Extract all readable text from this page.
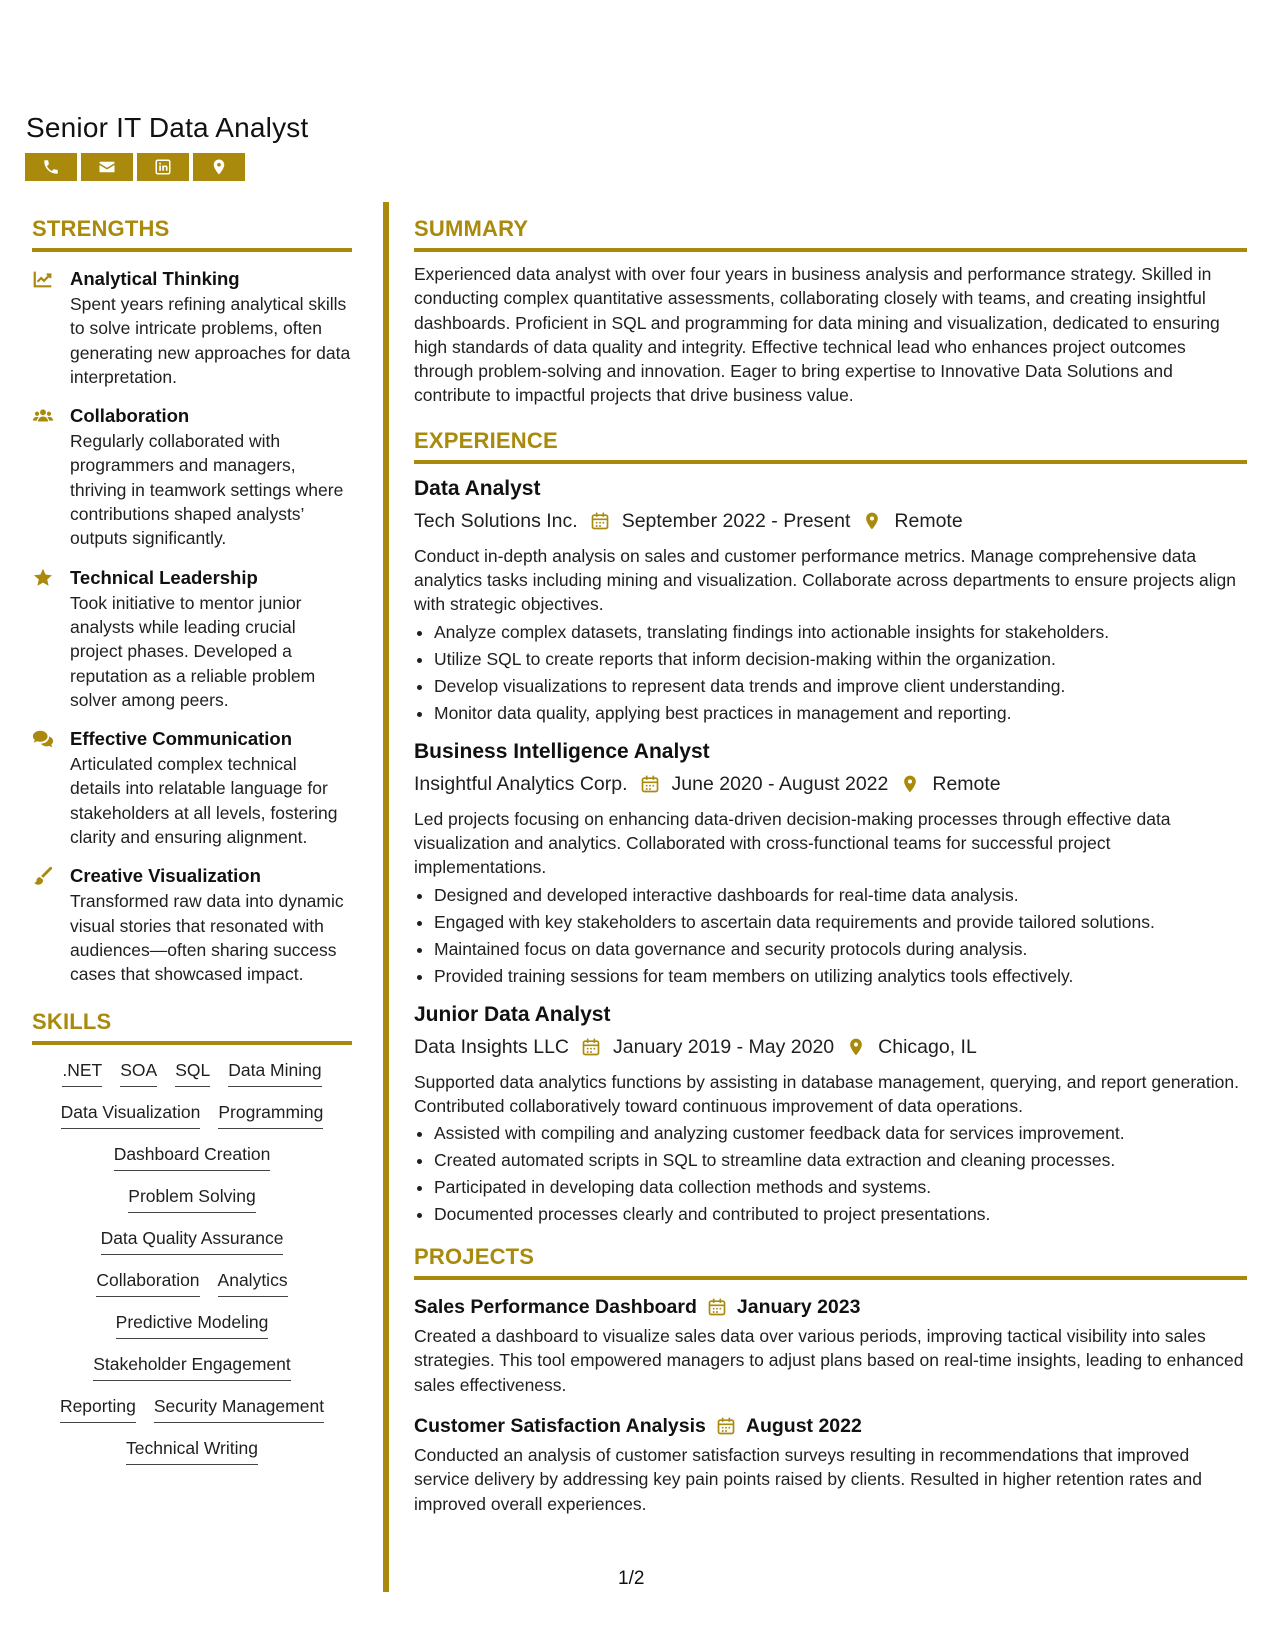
Senior IT Data Analyst
STRENGTHS
Analytical Thinking
Spent years refining analytical skills to solve intricate problems, often generating new approaches for data interpretation.
Collaboration
Regularly collaborated with programmers and managers, thriving in teamwork settings where contributions shaped analysts’ outputs significantly.
Technical Leadership
Took initiative to mentor junior analysts while leading crucial project phases. Developed a reputation as a reliable problem solver among peers.
Effective Communication
Articulated complex technical details into relatable language for stakeholders at all levels, fostering clarity and ensuring alignment.
Creative Visualization
Transformed raw data into dynamic visual stories that resonated with audiences—often sharing success cases that showcased impact.
SKILLS
.NET SOA SQL Data Mining
Data Visualization Programming
Dashboard Creation
Problem Solving
Data Quality Assurance
Collaboration Analytics
Predictive Modeling
Stakeholder Engagement
Reporting Security Management
Technical Writing
SUMMARY
Experienced data analyst with over four years in business analysis and performance strategy. Skilled in conducting complex quantitative assessments, collaborating closely with teams, and creating insightful dashboards. Proficient in SQL and programming for data mining and visualization, dedicated to ensuring high standards of data quality and integrity. Effective technical lead who enhances project outcomes through problem-solving and innovation. Eager to bring expertise to Innovative Data Solutions and contribute to impactful projects that drive business value.
EXPERIENCE
Data Analyst
Tech Solutions Inc. September 2022 - Present Remote
Conduct in-depth analysis on sales and customer performance metrics. Manage comprehensive data analytics tasks including mining and visualization. Collaborate across departments to ensure projects align with strategic objectives.
• Analyze complex datasets, translating findings into actionable insights for stakeholders.
• Utilize SQL to create reports that inform decision-making within the organization.
• Develop visualizations to represent data trends and improve client understanding.
• Monitor data quality, applying best practices in management and reporting.
Business Intelligence Analyst
Insightful Analytics Corp. June 2020 - August 2022 Remote
Led projects focusing on enhancing data-driven decision-making processes through effective data visualization and analytics. Collaborated with cross-functional teams for successful project implementations.
• Designed and developed interactive dashboards for real-time data analysis.
• Engaged with key stakeholders to ascertain data requirements and provide tailored solutions.
• Maintained focus on data governance and security protocols during analysis.
• Provided training sessions for team members on utilizing analytics tools effectively.
Junior Data Analyst
Data Insights LLC January 2019 - May 2020 Chicago, IL
Supported data analytics functions by assisting in database management, querying, and report generation. Contributed collaboratively toward continuous improvement of data operations.
• Assisted with compiling and analyzing customer feedback data for services improvement.
• Created automated scripts in SQL to streamline data extraction and cleaning processes.
• Participated in developing data collection methods and systems.
• Documented processes clearly and contributed to project presentations.
PROJECTS
Sales Performance Dashboard January 2023
Created a dashboard to visualize sales data over various periods, improving tactical visibility into sales strategies. This tool empowered managers to adjust plans based on real-time insights, leading to enhanced sales effectiveness.
Customer Satisfaction Analysis August 2022
Conducted an analysis of customer satisfaction surveys resulting in recommendations that improved service delivery by addressing key pain points raised by clients. Resulted in higher retention rates and improved overall experiences.
1/2
